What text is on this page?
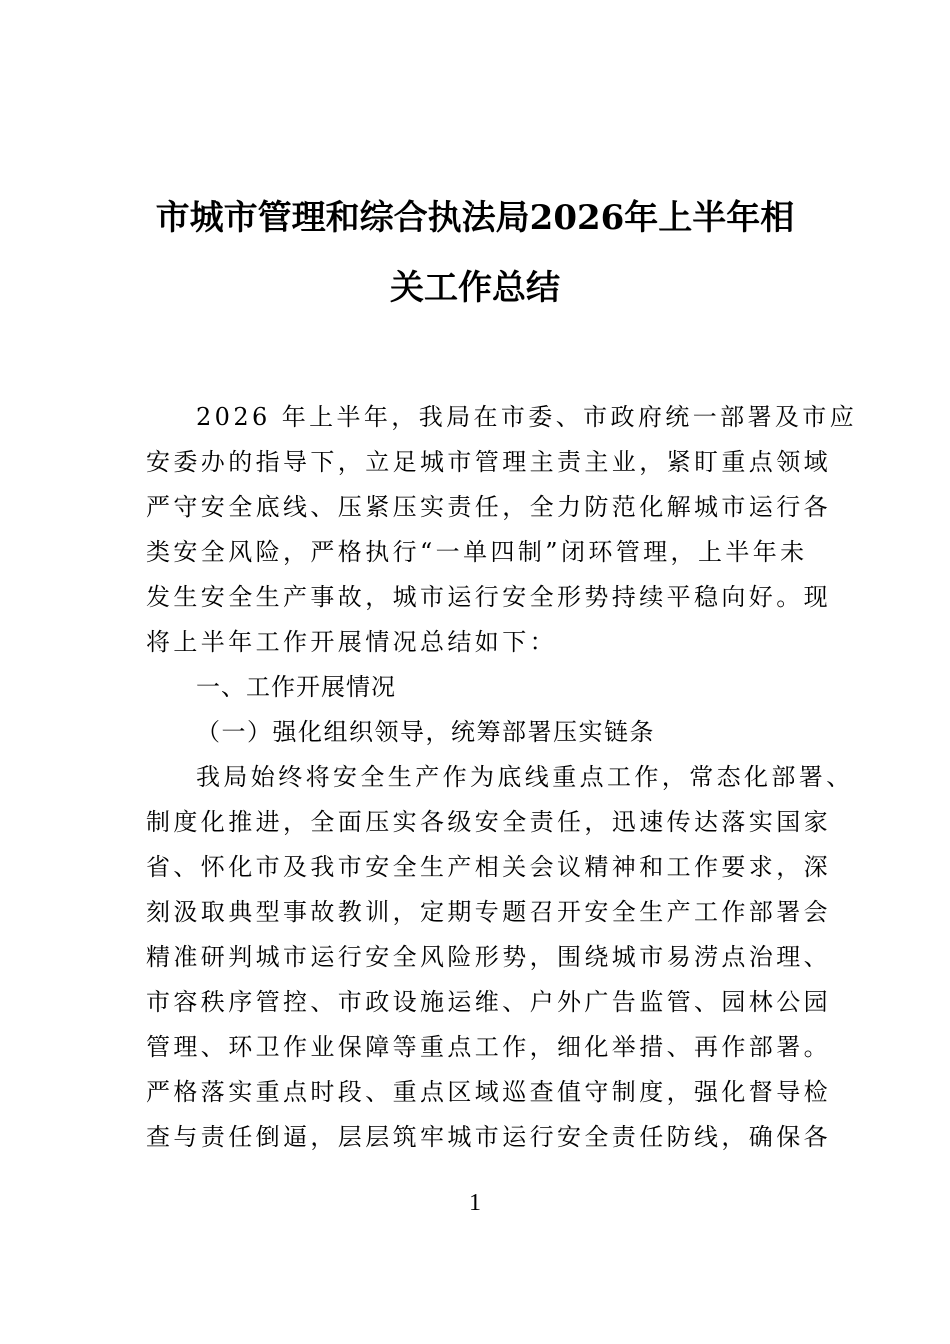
市城市管理和综合执法局2026年上半年相
关工作总结
2026 年上半年，我局在市委、市政府统一部署及市应
安委办的指导下，立足城市管理主责主业，紧盯重点领域
严守安全底线、压紧压实责任，全力防范化解城市运行各
类安全风险，严格执行“一单四制”闭环管理，上半年未
发生安全生产事故，城市运行安全形势持续平稳向好。现
将上半年工作开展情况总结如下：
一、工作开展情况
（一）强化组织领导，统筹部署压实链条
我局始终将安全生产作为底线重点工作，常态化部署、
制度化推进，全面压实各级安全责任，迅速传达落实国家
省、怀化市及我市安全生产相关会议精神和工作要求，深
刻汲取典型事故教训，定期专题召开安全生产工作部署会
精准研判城市运行安全风险形势，围绕城市易涝点治理、
市容秩序管控、市政设施运维、户外广告监管、园林公园
管理、环卫作业保障等重点工作，细化举措、再作部署。
严格落实重点时段、重点区域巡查值守制度，强化督导检
查与责任倒逼，层层筑牢城市运行安全责任防线，确保各
1
